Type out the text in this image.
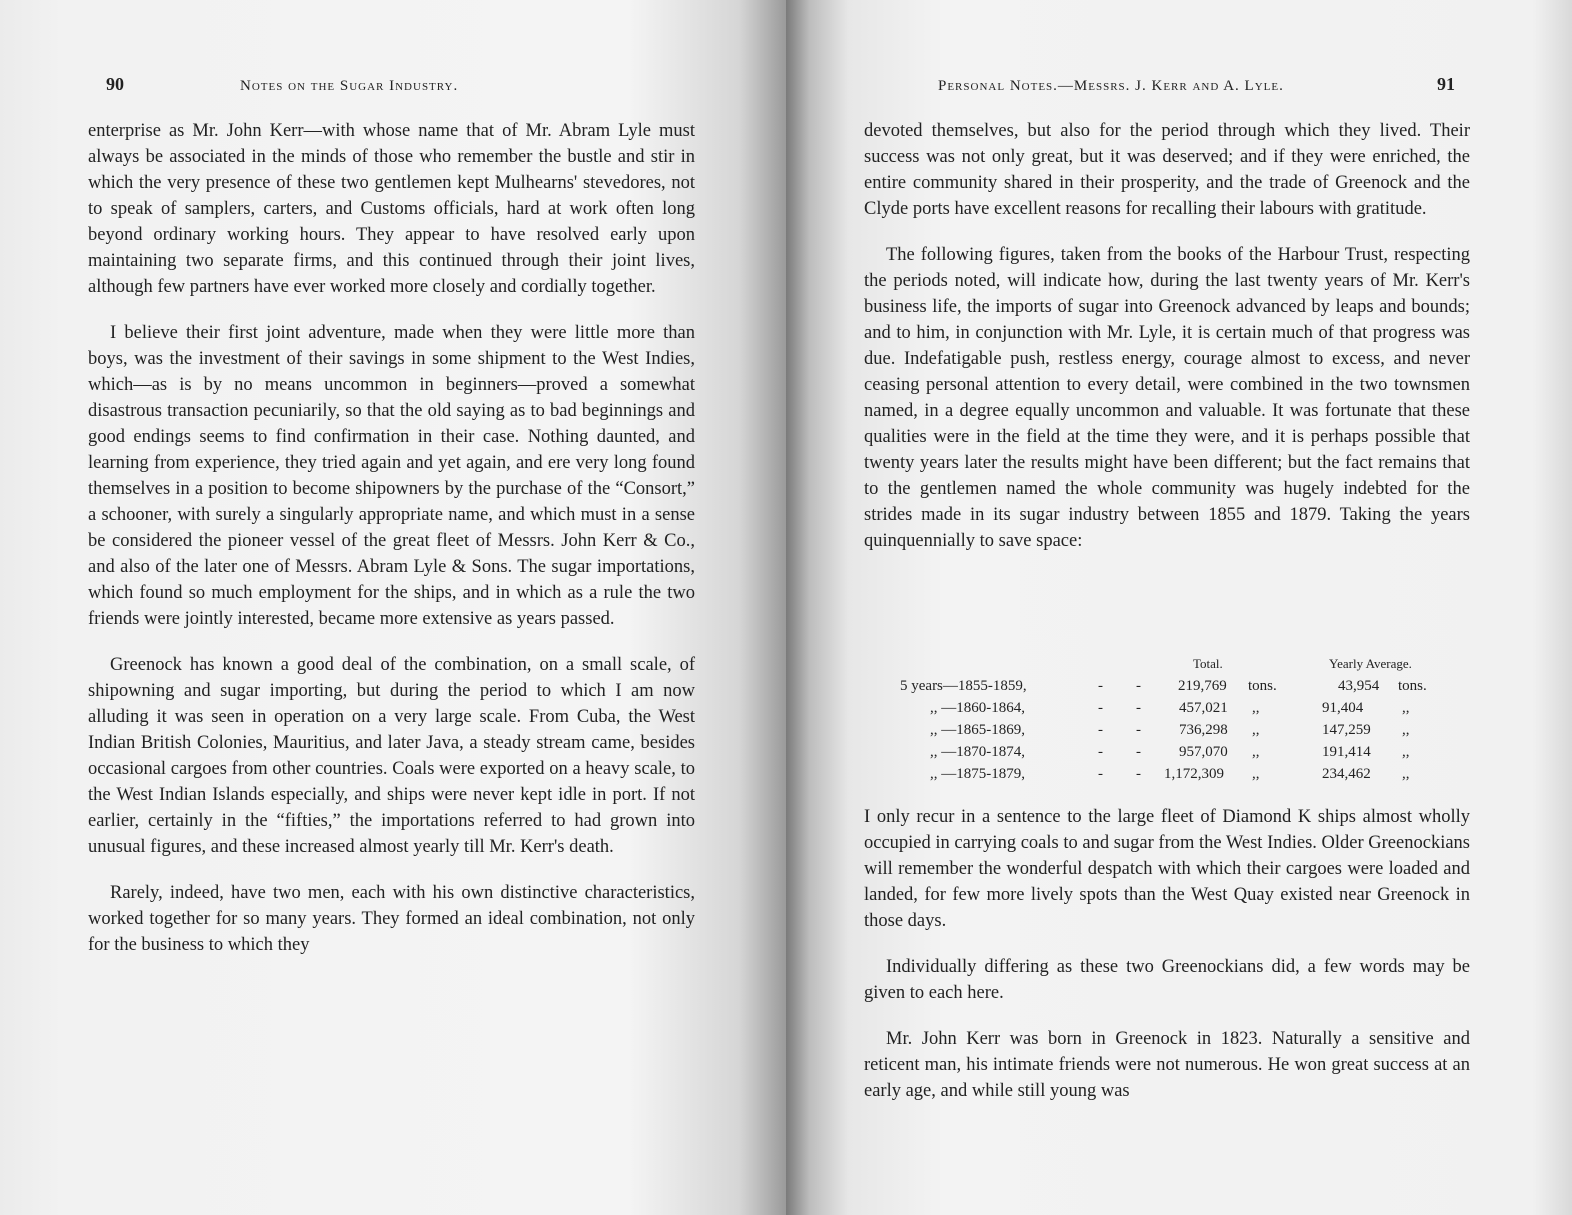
90	Notes on the Sugar Industry.

enterprise as Mr. John Kerr—with whose name that of Mr. Abram Lyle must always be associated in the minds of those who remember the bustle and stir in which the very presence of these two gentlemen kept Mulhearns' stevedores, not to speak of samplers, carters, and Customs officials, hard at work often long beyond ordinary working hours. They appear to have resolved early upon maintaining two separate firms, and this continued through their joint lives, although few partners have ever worked more closely and cordially together.

I believe their first joint adventure, made when they were little more than boys, was the investment of their savings in some shipment to the West Indies, which—as is by no means uncommon in beginners—proved a somewhat disastrous transaction pecuniarily, so that the old saying as to bad beginnings and good endings seems to find confirmation in their case. Nothing daunted, and learning from experience, they tried again and yet again, and ere very long found themselves in a position to become shipowners by the purchase of the “Consort,” a schooner, with surely a singularly appropriate name, and which must in a sense be considered the pioneer vessel of the great fleet of Messrs. John Kerr & Co., and also of the later one of Messrs. Abram Lyle & Sons. The sugar importations, which found so much employment for the ships, and in which as a rule the two friends were jointly interested, became more extensive as years passed.

Greenock has known a good deal of the combination, on a small scale, of shipowning and sugar importing, but during the period to which I am now alluding it was seen in operation on a very large scale. From Cuba, the West Indian British Colonies, Mauritius, and later Java, a steady stream came, besides occasional cargoes from other countries. Coals were exported on a heavy scale, to the West Indian Islands especially, and ships were never kept idle in port. If not earlier, certainly in the “fifties,” the importations referred to had grown into unusual figures, and these increased almost yearly till Mr. Kerr's death.

Rarely, indeed, have two men, each with his own distinctive characteristics, worked together for so many years. They formed an ideal combination, not only for the business to which they

Personal Notes.—Messrs. J. Kerr and A. Lyle.	91

devoted themselves, but also for the period through which they lived. Their success was not only great, but it was deserved; and if they were enriched, the entire community shared in their prosperity, and the trade of Greenock and the Clyde ports have excellent reasons for recalling their labours with gratitude.

The following figures, taken from the books of the Harbour Trust, respecting the periods noted, will indicate how, during the last twenty years of Mr. Kerr's business life, the imports of sugar into Greenock advanced by leaps and bounds; and to him, in conjunction with Mr. Lyle, it is certain much of that progress was due. Indefatigable push, restless energy, courage almost to excess, and never ceasing personal attention to every detail, were combined in the two townsmen named, in a degree equally uncommon and valuable. It was fortunate that these qualities were in the field at the time they were, and it is perhaps possible that twenty years later the results might have been different; but the fact remains that to the gentlemen named the whole community was hugely indebted for the strides made in its sugar industry between 1855 and 1879. Taking the years quinquennially to save space:

Total.	Yearly Average.
5 years—1855-1859,	- - 219,769 tons.	43,954 tons.
,, —1860-1864,	- -	457,021 ,,	91,404	,,
,, —1865-1869,	- -	736,298 ,,	147,259 ,,
,, —1870-1874,	- -	957,070 ,,	191,414 ,,
,, —1875-1879,	- - 1,172,309 ,,	234,462 ,,

I only recur in a sentence to the large fleet of Diamond K ships almost wholly occupied in carrying coals to and sugar from the West Indies. Older Greenockians will remember the wonderful despatch with which their cargoes were loaded and landed, for few more lively spots than the West Quay existed near Greenock in those days.

Individually differing as these two Greenockians did, a few words may be given to each here.

Mr. John Kerr was born in Greenock in 1823. Naturally a sensitive and reticent man, his intimate friends were not numerous. He won great success at an early age, and while still young was
